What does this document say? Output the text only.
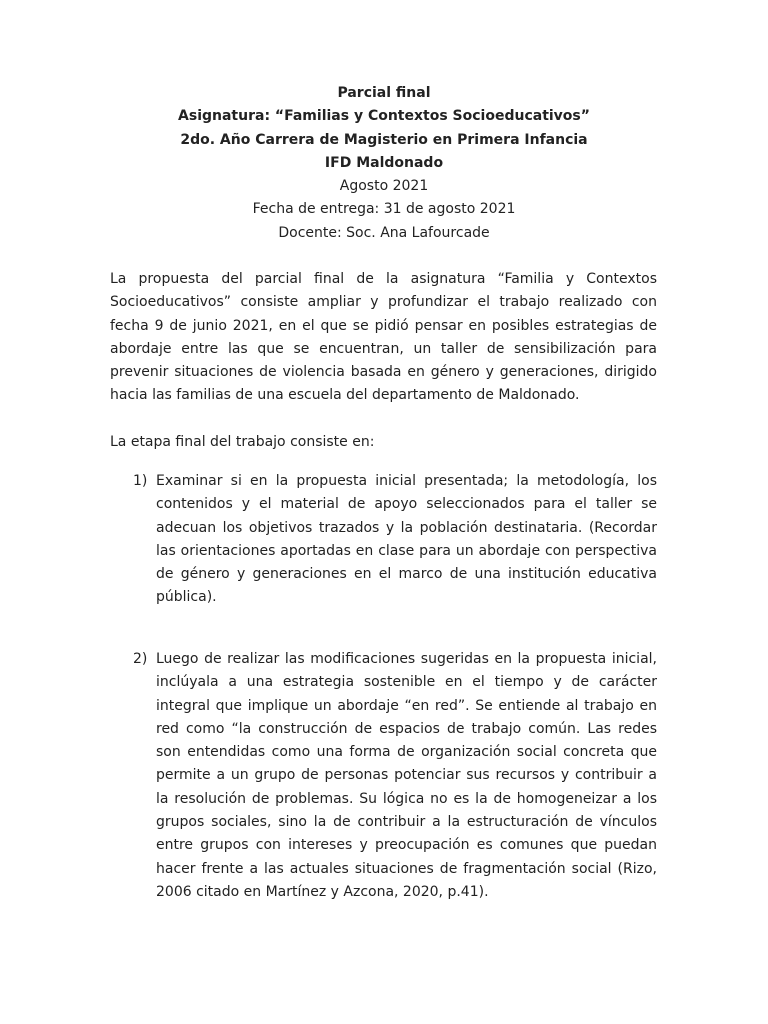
Parcial final
Asignatura: “Familias y Contextos Socioeducativos”
2do. Año Carrera de Magisterio en Primera Infancia
IFD Maldonado
Agosto 2021
Fecha de entrega: 31 de agosto 2021
Docente: Soc. Ana Lafourcade
La propuesta del parcial final de la asignatura “Familia y Contextos Socioeducativos” consiste ampliar y profundizar el trabajo realizado con fecha 9 de junio 2021, en el que se pidió pensar en posibles estrategias de abordaje entre las que se encuentran, un taller de sensibilización para prevenir situaciones de violencia basada en género y generaciones, dirigido hacia las familias de una escuela del departamento de Maldonado.
La etapa final del trabajo consiste en:
1) Examinar si en la propuesta inicial presentada; la metodología, los contenidos y el material de apoyo seleccionados para el taller se adecuan los objetivos trazados y la población destinataria. (Recordar las orientaciones aportadas en clase para un abordaje con perspectiva de género y generaciones en el marco de una institución educativa pública).
2) Luego de realizar las modificaciones sugeridas en la propuesta inicial, inclúyala a una estrategia sostenible en el tiempo y de carácter integral que implique un abordaje “en red”. Se entiende al trabajo en red como “la construcción de espacios de trabajo común. Las redes son entendidas como una forma de organización social concreta que permite a un grupo de personas potenciar sus recursos y contribuir a la resolución de problemas. Su lógica no es la de homogeneizar a los grupos sociales, sino la de contribuir a la estructuración de vínculos entre grupos con intereses y preocupación es comunes que puedan hacer frente a las actuales situaciones de fragmentación social (Rizo, 2006 citado en Martínez y Azcona, 2020, p.41).
